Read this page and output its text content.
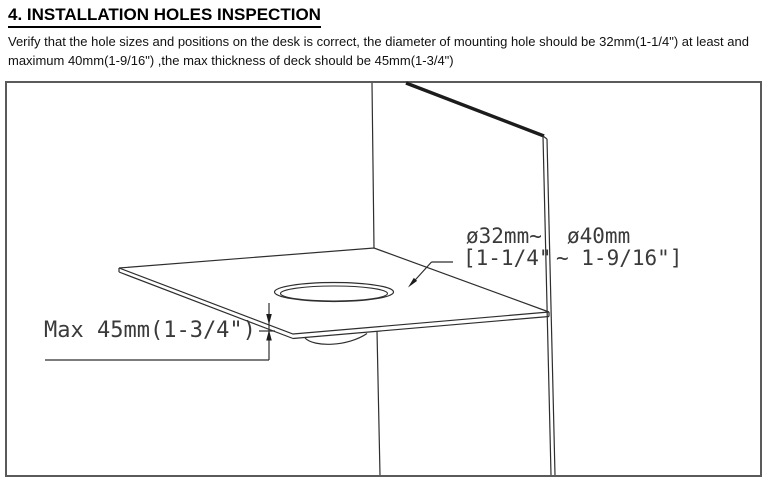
4. INSTALLATION HOLES INSPECTION
Verify that the hole sizes and positions on the desk is correct, the diameter of mounting hole should be 32mm(1-1/4") at least and
maximum 40mm(1-9/16") ,the max thickness of deck should be 45mm(1-3/4")
ø32mm~ ø40mm
[1-1/4" ~ 1-9/16"]
Max 45mm(1-3/4")
